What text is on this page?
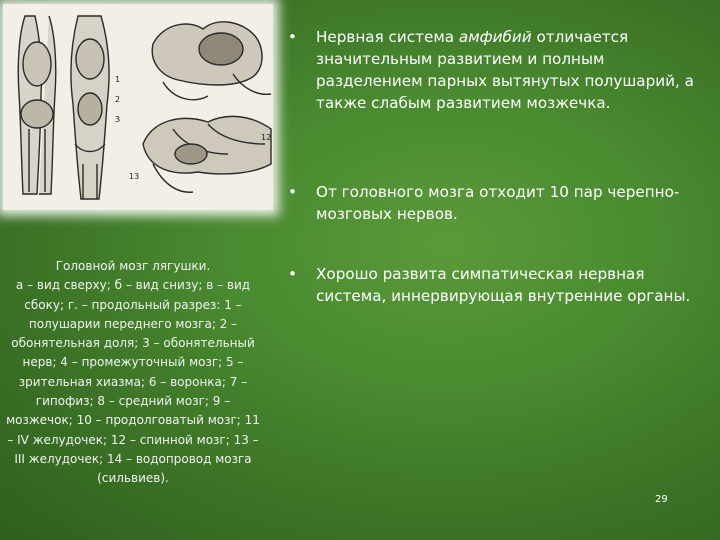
1
2
3
12
13
Головной мозг лягушки.
а – вид сверху; б – вид снизу; в – вид сбоку; г. – продольный разрез: 1 – полушарии переднего мозга; 2 – обонятельная доля; 3 – обонятельный нерв; 4 – промежуточный мозг; 5 – зрительная хиазма; 6 – воронка; 7 – гипофиз; 8 – средний мозг; 9 – мозжечок; 10 – продолговатый мозг; 11 – IV желудочек; 12 – спинной мозг; 13 – III желудочек; 14 – водопровод мозга (сильвиев).

• Нервная система амфибий отличается значительным развитием и полным разделением парных вытянутых полушарий, а также слабым развитием мозжечка.

• От головного мозга отходит 10 пар черепно-мозговых нервов.

• Хорошо развита симпатическая нервная система, иннервирующая внутренние органы.

29
